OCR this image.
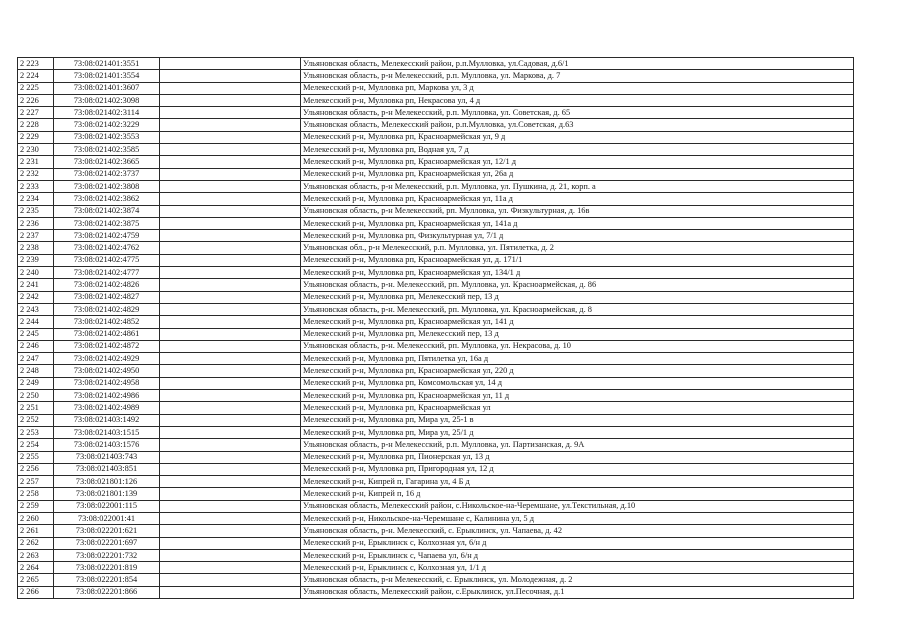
2 223	73:08:021401:3551		Ульяновская область, Мелекесский район, р.п.Мулловка, ул.Садовая, д.6/1
2 224	73:08:021401:3554		Ульяновская область, р-н Мелекесский, р.п. Мулловка, ул. Маркова, д. 7
2 225	73:08:021401:3607		Мелекесский р-н, Мулловка рп, Маркова ул, 3 д
2 226	73:08:021402:3098		Мелекесский р-н, Мулловка рп, Некрасова ул, 4 д
2 227	73:08:021402:3114		Ульяновская область, р-н Мелекесский, р.п. Мулловка, ул. Советская, д. 65
2 228	73:08:021402:3229		Ульяновская область, Мелекесский район, р.п.Мулловка, ул.Советская, д.63
2 229	73:08:021402:3553		Мелекесский р-н, Мулловка рп, Красноармейская ул, 9 д
2 230	73:08:021402:3585		Мелекесский р-н, Мулловка рп, Водная ул, 7 д
2 231	73:08:021402:3665		Мелекесский р-н, Мулловка рп, Красноармейская ул, 12/1 д
2 232	73:08:021402:3737		Мелекесский р-н, Мулловка рп, Красноармейская ул, 26а д
2 233	73:08:021402:3808		Ульяновская область, р-н Мелекесский, р.п. Мулловка, ул. Пушкина, д. 21, корп. а
2 234	73:08:021402:3862		Мелекесский р-н, Мулловка рп, Красноармейская ул, 11а д
2 235	73:08:021402:3874		Ульяновская область, р-н Мелекесский, рп. Мулловка, ул. Физкультурная, д. 16в
2 236	73:08:021402:3875		Мелекесский р-н, Мулловка рп, Красноармейская ул, 141а д
2 237	73:08:021402:4759		Мелекесский р-н, Мулловка рп, Физкультурная ул, 7/1 д
2 238	73:08:021402:4762		Ульяновская обл., р-н Мелекесский, р.п. Мулловка, ул. Пятилетка, д. 2
2 239	73:08:021402:4775		Мелекесский р-н, Мулловка рп, Красноармейская ул, д. 171/1
2 240	73:08:021402:4777		Мелекесский р-н, Мулловка рп, Красноармейская ул, 134/1 д
2 241	73:08:021402:4826		Ульяновская область, р-н. Мелекесский, рп. Мулловка, ул. Красноармейская, д. 86
2 242	73:08:021402:4827		Мелекесский р-н, Мулловка рп, Мелекесский пер, 13 д
2 243	73:08:021402:4829		Ульяновская область, р-н. Мелекесский, рп. Мулловка, ул. Красноармейская, д. 8
2 244	73:08:021402:4852		Мелекесский р-н, Мулловка рп, Красноармейская ул, 141 д
2 245	73:08:021402:4861		Мелекесский р-н, Мулловка рп, Мелекесский пер, 13 д
2 246	73:08:021402:4872		Ульяновская область, р-н. Мелекесский, рп. Мулловка, ул. Некрасова, д. 10
2 247	73:08:021402:4929		Мелекесский р-н, Мулловка рп, Пятилетка ул, 16а д
2 248	73:08:021402:4950		Мелекесский р-н, Мулловка рп, Красноармейская ул, 220 д
2 249	73:08:021402:4958		Мелекесский р-н, Мулловка рп, Комсомольская ул, 14 д
2 250	73:08:021402:4986		Мелекесский р-н, Мулловка рп, Красноармейская ул, 11 д
2 251	73:08:021402:4989		Мелекесский р-н, Мулловка рп, Красноармейская ул
2 252	73:08:021403:1492		Мелекесский р-н, Мулловка рп, Мира ул, 25-1 в
2 253	73:08:021403:1515		Мелекесский р-н, Мулловка рп, Мира ул, 25/1 д
2 254	73:08:021403:1576		Ульяновская область, р-н Мелекесский, р.п. Мулловка, ул. Партизанская, д. 9А
2 255	73:08:021403:743		Мелекесский р-н, Мулловка рп, Пионерская ул, 13 д
2 256	73:08:021403:851		Мелекесский р-н, Мулловка рп, Пригородная ул, 12 д
2 257	73:08:021801:126		Мелекесский р-н, Кипрей п, Гагарина ул, 4 Б д
2 258	73:08:021801:139		Мелекесский р-н, Кипрей п, 16 д
2 259	73:08:022001:115		Ульяновская область, Мелекесский район, с.Никольское-на-Черемшане, ул.Текстильная, д.10
2 260	73:08:022001:41		Мелекесский р-н, Никольское-на-Черемшане с, Калинина ул, 5 д
2 261	73:08:022201:621		Ульяновская область, р-н. Мелекесский, с. Ерыклинск, ул. Чапаева, д. 42
2 262	73:08:022201:697		Мелекесский р-н, Ерыклинск с, Колхозная ул, 6/н д
2 263	73:08:022201:732		Мелекесский р-н, Ерыклинск с, Чапаева ул, 6/н д
2 264	73:08:022201:819		Мелекесский р-н, Ерыклинск с, Колхозная ул, 1/1 д
2 265	73:08:022201:854		Ульяновская область, р-н Мелекесский, с. Ерыклинск, ул. Молодежная, д. 2
2 266	73:08:022201:866		Ульяновская область, Мелекесский район, с.Ерыклинск, ул.Песочная, д.1
